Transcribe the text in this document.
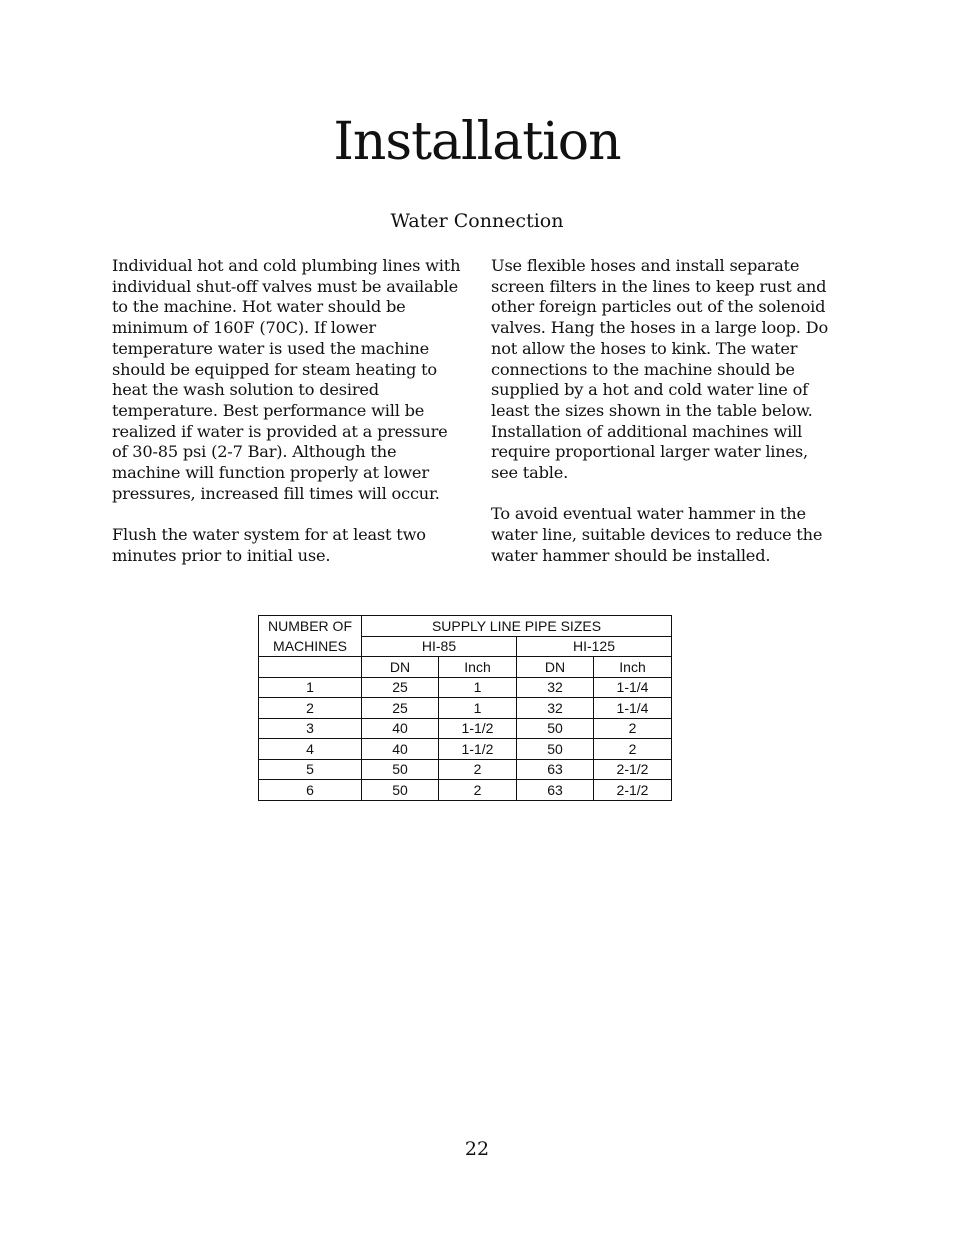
Installation
Water Connection

Individual hot and cold plumbing lines with individual shut-off valves must be available to the machine. Hot water should be minimum of 160F (70C). If lower temperature water is used the machine should be equipped for steam heating to heat the wash solution to desired temperature. Best performance will be realized if water is provided at a pressure of 30-85 psi (2-7 Bar). Although the machine will function properly at lower pressures, increased fill times will occur.

Flush the water system for at least two minutes prior to initial use.

Use flexible hoses and install separate screen filters in the lines to keep rust and other foreign particles out of the solenoid valves. Hang the hoses in a large loop. Do not allow the hoses to kink. The water connections to the machine should be supplied by a hot and cold water line of least the sizes shown in the table below. Installation of additional machines will require proportional larger water lines, see table.

To avoid eventual water hammer in the water line, suitable devices to reduce the water hammer should be installed.

NUMBER OF	SUPPLY LINE PIPE SIZES			
MACHINES	HI-85		HI-125	
	DN	Inch	DN	Inch
1	25	1	32	1-1/4
2	25	1	32	1-1/4
3	40	1-1/2	50	2
4	40	1-1/2	50	2
5	50	2	63	2-1/2
6	50	2	63	2-1/2
22
